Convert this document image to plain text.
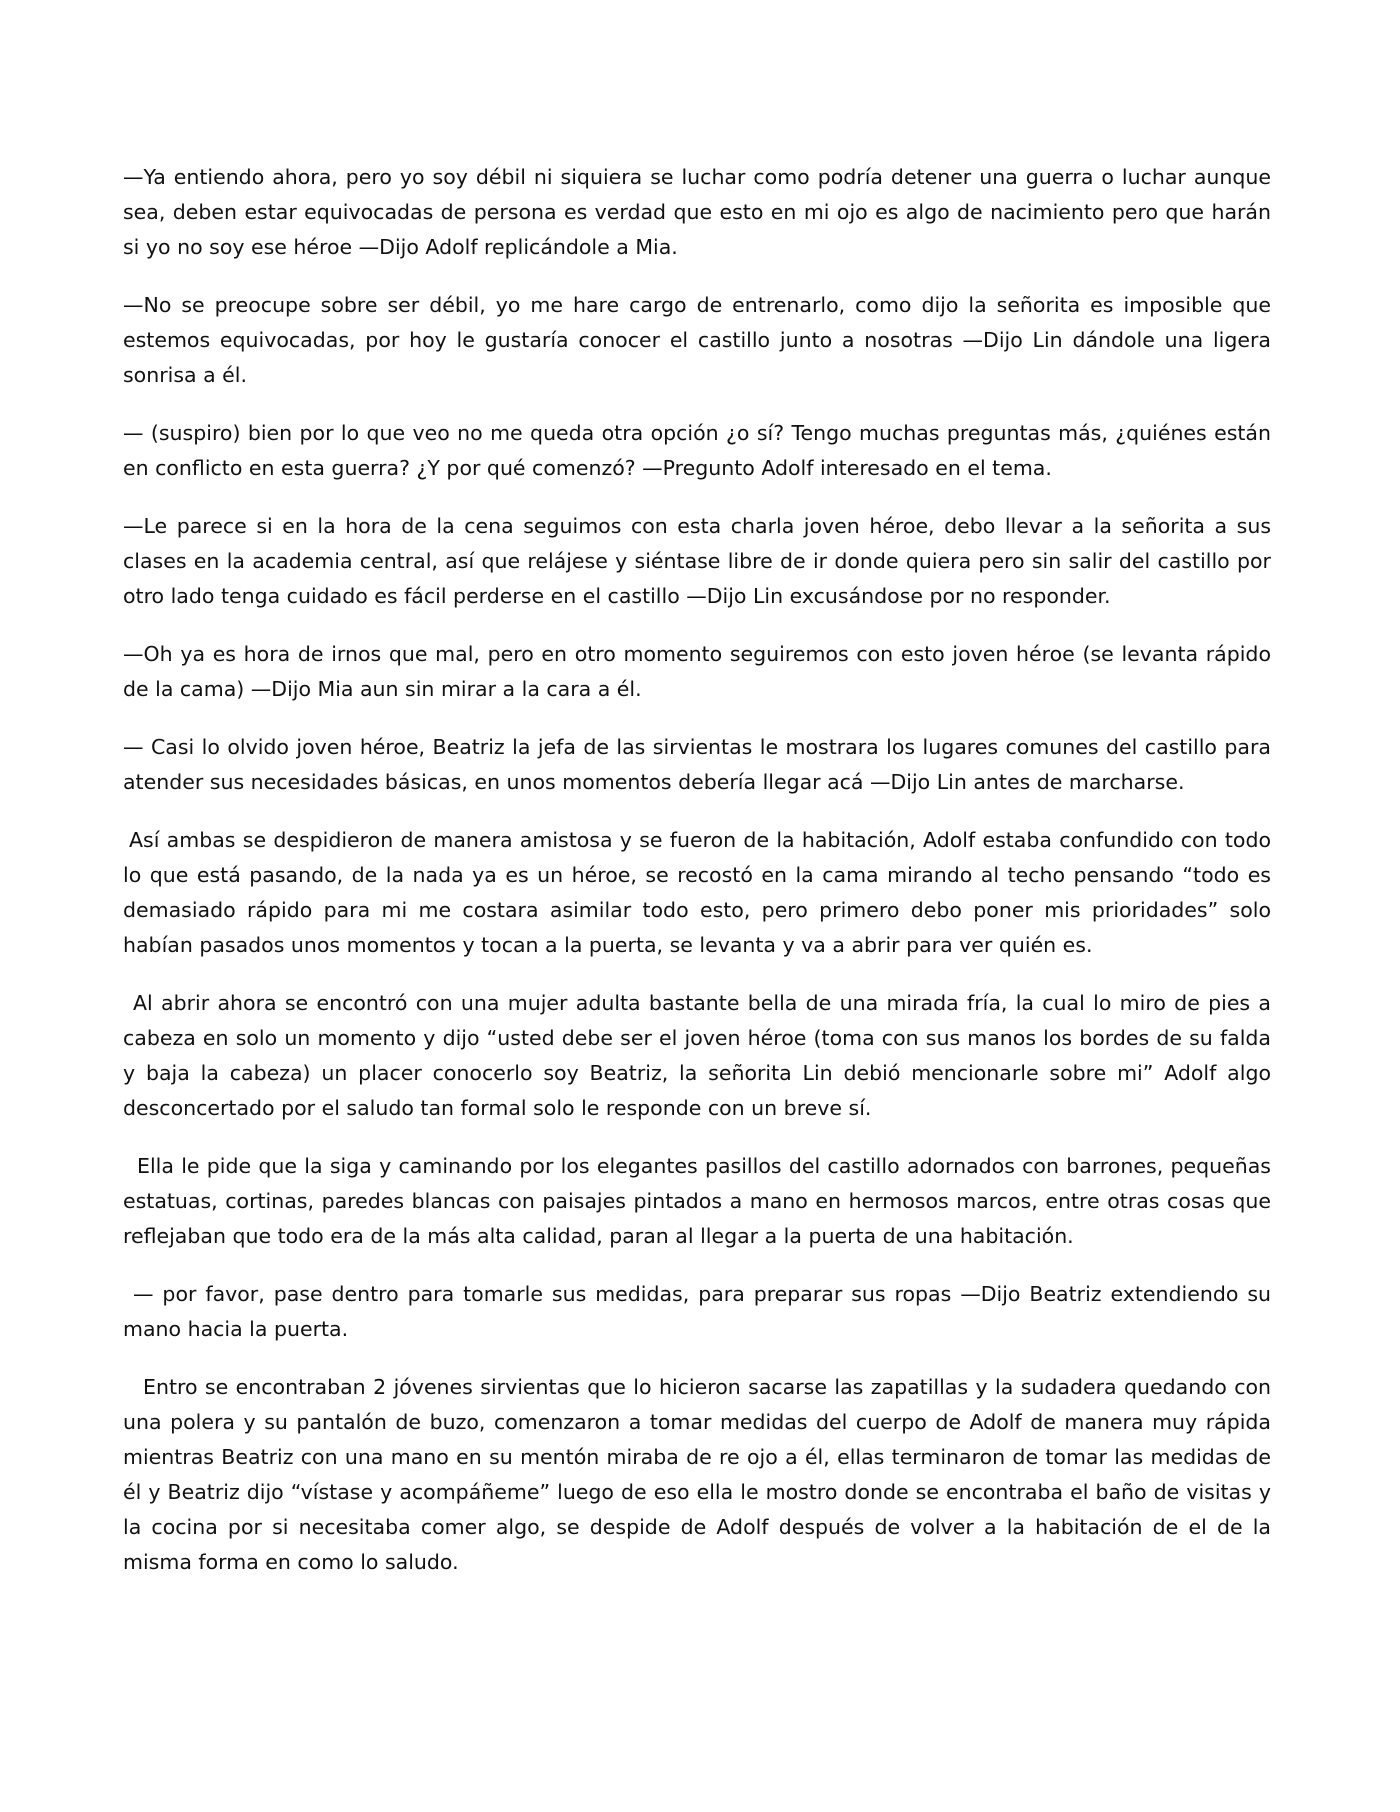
—Ya entiendo ahora, pero yo soy débil ni siquiera se luchar como podría detener una guerra o luchar aunque sea, deben estar equivocadas de persona es verdad que esto en mi ojo es algo de nacimiento pero que harán si yo no soy ese héroe —Dijo Adolf replicándole a Mia.

—No se preocupe sobre ser débil, yo me hare cargo de entrenarlo, como dijo la señorita es imposible que estemos equivocadas, por hoy le gustaría conocer el castillo junto a nosotras —Dijo Lin dándole una ligera sonrisa a él.

— (suspiro) bien por lo que veo no me queda otra opción ¿o sí? Tengo muchas preguntas más, ¿quiénes están en conflicto en esta guerra? ¿Y por qué comenzó? —Pregunto Adolf interesado en el tema.

—Le parece si en la hora de la cena seguimos con esta charla joven héroe, debo llevar a la señorita a sus clases en la academia central, así que relájese y siéntase libre de ir donde quiera pero sin salir del castillo por otro lado tenga cuidado es fácil perderse en el castillo —Dijo Lin excusándose por no responder.

—Oh ya es hora de irnos que mal, pero en otro momento seguiremos con esto joven héroe (se levanta rápido de la cama) —Dijo Mia aun sin mirar a la cara a él.

— Casi lo olvido joven héroe, Beatriz la jefa de las sirvientas le mostrara los lugares comunes del castillo para atender sus necesidades básicas, en unos momentos debería llegar acá —Dijo Lin antes de marcharse.

Así ambas se despidieron de manera amistosa y se fueron de la habitación, Adolf estaba confundido con todo lo que está pasando, de la nada ya es un héroe, se recostó en la cama mirando al techo pensando “todo es demasiado rápido para mi me costara asimilar todo esto, pero primero debo poner mis prioridades” solo habían pasados unos momentos y tocan a la puerta, se levanta y va a abrir para ver quién es.

Al abrir ahora se encontró con una mujer adulta bastante bella de una mirada fría, la cual lo miro de pies a cabeza en solo un momento y dijo “usted debe ser el joven héroe (toma con sus manos los bordes de su falda y baja la cabeza) un placer conocerlo soy Beatriz, la señorita Lin debió mencionarle sobre mi” Adolf algo desconcertado por el saludo tan formal solo le responde con un breve sí.

Ella le pide que la siga y caminando por los elegantes pasillos del castillo adornados con barrones, pequeñas estatuas, cortinas, paredes blancas con paisajes pintados a mano en hermosos marcos, entre otras cosas que reflejaban que todo era de la más alta calidad, paran al llegar a la puerta de una habitación.

— por favor, pase dentro para tomarle sus medidas, para preparar sus ropas —Dijo Beatriz extendiendo su mano hacia la puerta.

Entro se encontraban 2 jóvenes sirvientas que lo hicieron sacarse las zapatillas y la sudadera quedando con una polera y su pantalón de buzo, comenzaron a tomar medidas del cuerpo de Adolf de manera muy rápida mientras Beatriz con una mano en su mentón miraba de re ojo a él, ellas terminaron de tomar las medidas de él y Beatriz dijo “vístase y acompáñeme” luego de eso ella le mostro donde se encontraba el baño de visitas y la cocina por si necesitaba comer algo, se despide de Adolf después de volver a la habitación de el de la misma forma en como lo saludo.
